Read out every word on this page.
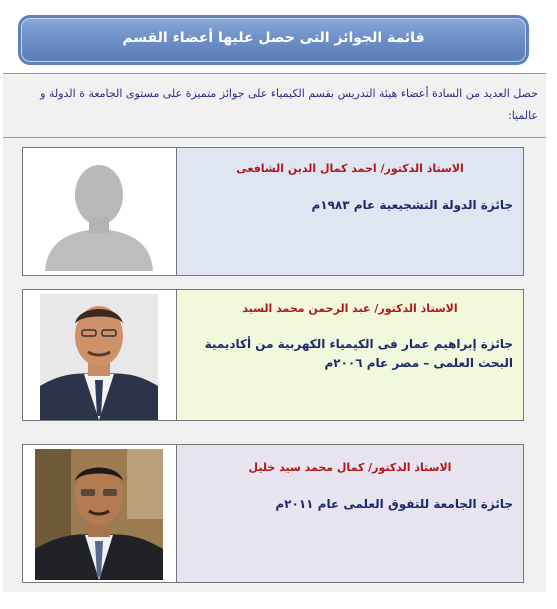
قائمة الجوائز التى حصل عليها أعضاء القسم
حصل العديد من السادة أعضاء هيئة التدريس بقسم الكيمياء على جوائز متميزة على مستوى الجامعة ة الدولة و عالميا:
الاستاذ الدكتور/ احمد كمال الدين الشافعى
جائزة الدولة التشجيعية عام ١٩٨٣م
الاستاذ الدكتور/ عبد الرحمن محمد السيد
جائزة إبراهيم عمار فى الكيمياء الكهربية من أكاديمية البحث العلمى – مصر عام ٢٠٠٦م
الاستاذ الدكتور/ كمال محمد سيد خليل
جائزة الجامعة للتفوق العلمى عام ٢٠١١م
